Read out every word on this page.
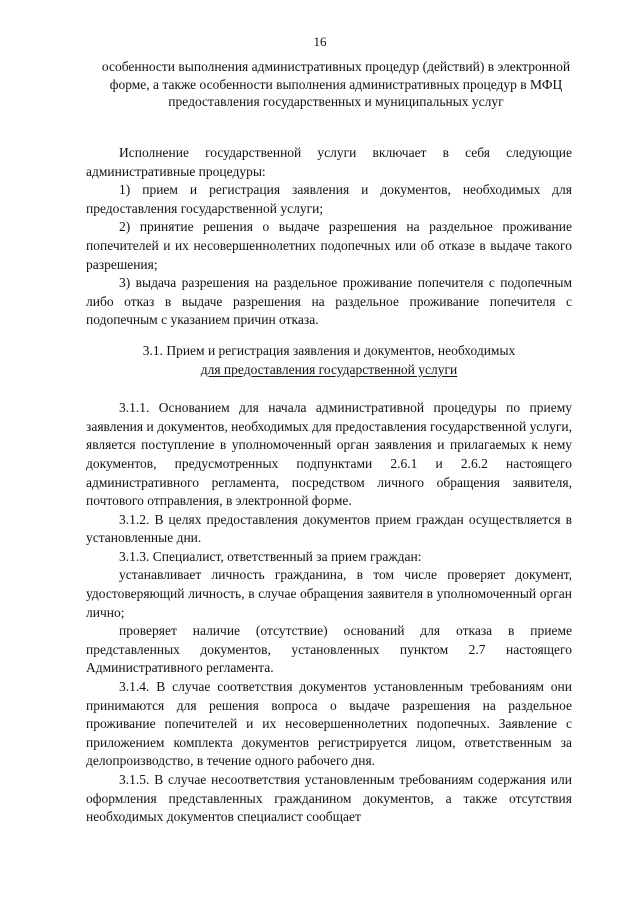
16
особенности выполнения административных процедур (действий) в электронной форме, а также особенности выполнения административных процедур в МФЦ предоставления государственных и муниципальных услуг

Исполнение государственной услуги включает в себя следующие административные процедуры:

1) прием и регистрация заявления и документов, необходимых для предоставления государственной услуги;

2) принятие решения о выдаче разрешения на раздельное проживание попечителей и их несовершеннолетних подопечных или об отказе в выдаче такого разрешения;

3) выдача разрешения на раздельное проживание попечителя с подопечным либо отказ в выдаче разрешения на раздельное проживание попечителя с подопечным с указанием причин отказа.

3.1. Прием и регистрация заявления и документов, необходимых
для предоставления государственной услуги

3.1.1. Основанием для начала административной процедуры по приему заявления и документов, необходимых для предоставления государственной услуги, является поступление в уполномоченный орган заявления и прилагаемых к нему документов, предусмотренных подпунктами 2.6.1 и 2.6.2 настоящего административного регламента, посредством личного обращения заявителя, почтового отправления, в электронной форме.

3.1.2. В целях предоставления документов прием граждан осуществляется в установленные дни.

3.1.3. Специалист, ответственный за прием граждан:

устанавливает личность гражданина, в том числе проверяет документ, удостоверяющий личность, в случае обращения заявителя в уполномоченный орган лично;

проверяет наличие (отсутствие) оснований для отказа в приеме представленных документов, установленных пунктом 2.7 настоящего Административного регламента.

3.1.4. В случае соответствия документов установленным требованиям они принимаются для решения вопроса о выдаче разрешения на раздельное проживание попечителей и их несовершеннолетних подопечных. Заявление с приложением комплекта документов регистрируется лицом, ответственным за делопроизводство, в течение одного рабочего дня.

3.1.5. В случае несоответствия установленным требованиям содержания или оформления представленных гражданином документов, а также отсутствия необходимых документов специалист сообщает
